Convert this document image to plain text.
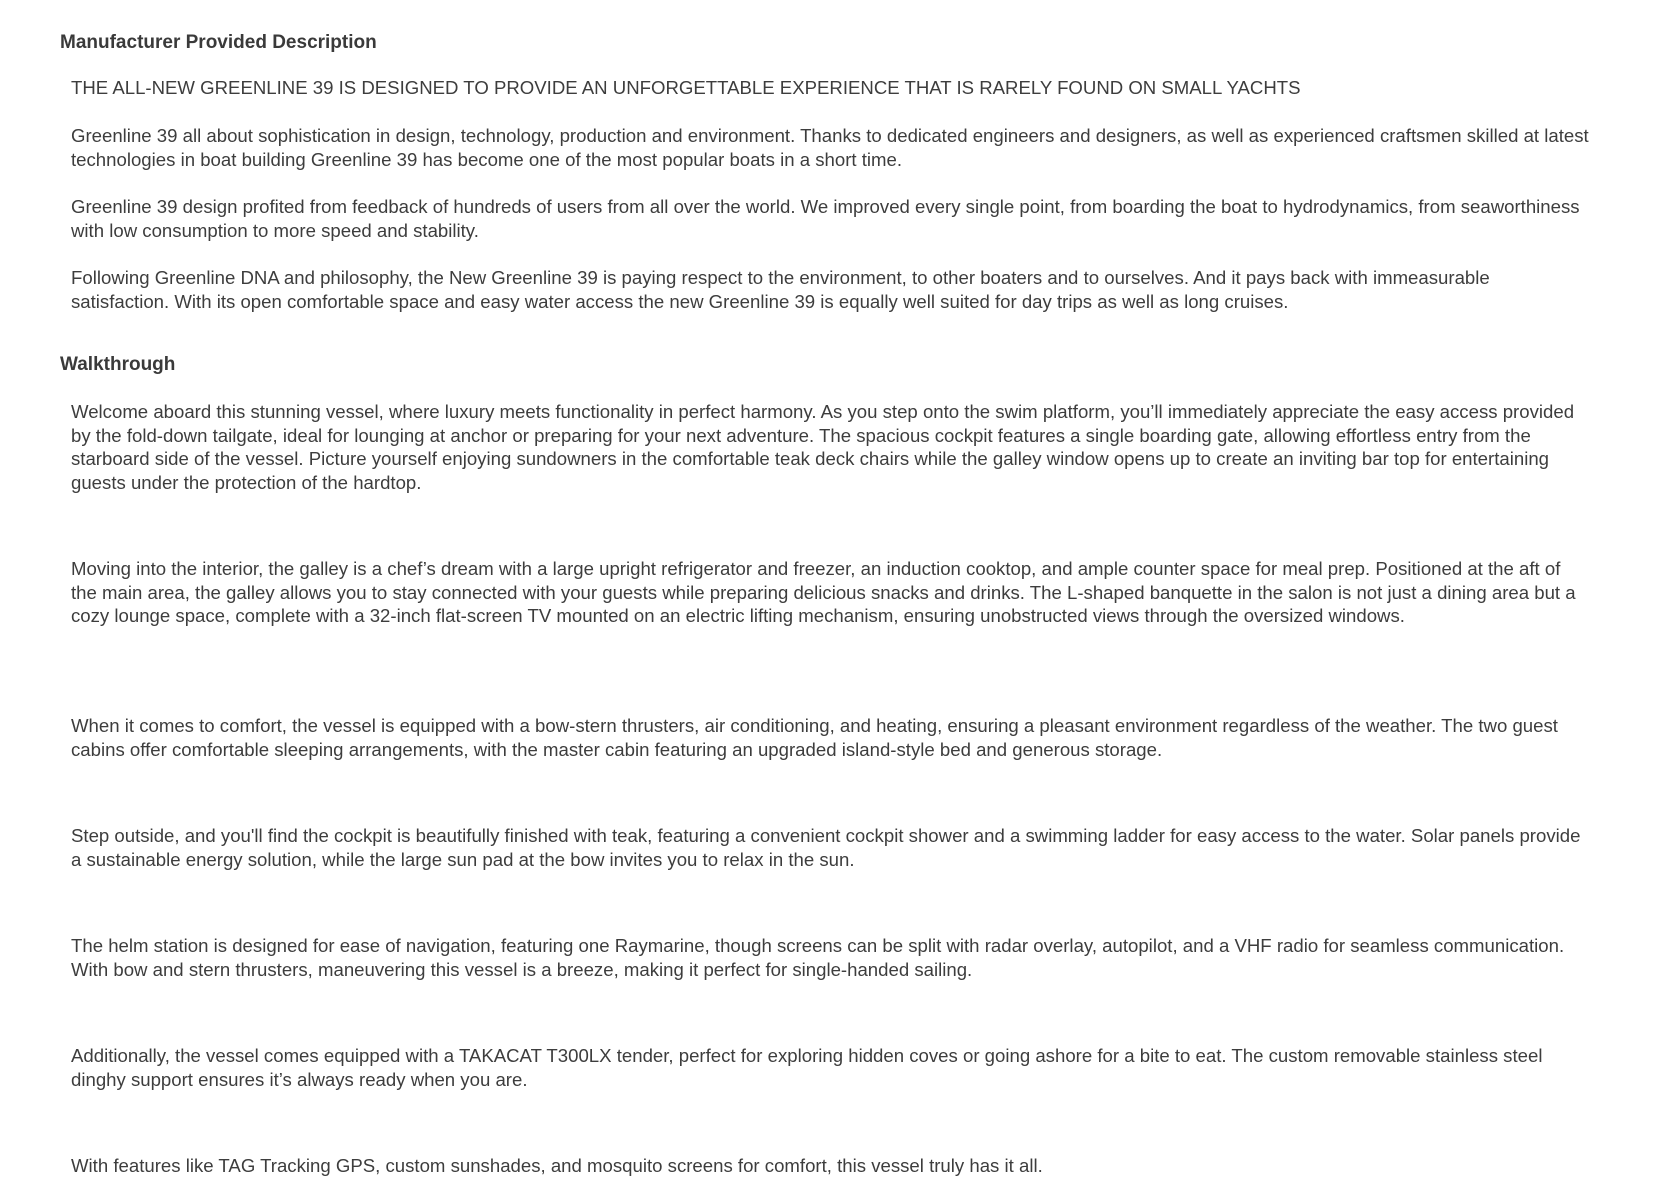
Manufacturer Provided Description

THE ALL-NEW GREENLINE 39 IS DESIGNED TO PROVIDE AN UNFORGETTABLE EXPERIENCE THAT IS RARELY FOUND ON SMALL YACHTS

Greenline 39 all about sophistication in design, technology, production and environment. Thanks to dedicated engineers and designers, as well as experienced craftsmen skilled at latest technologies in boat building Greenline 39 has become one of the most popular boats in a short time.

Greenline 39 design profited from feedback of hundreds of users from all over the world. We improved every single point, from boarding the boat to hydrodynamics, from seaworthiness with low consumption to more speed and stability.

Following Greenline DNA and philosophy, the New Greenline 39 is paying respect to the environment, to other boaters and to ourselves. And it pays back with immeasurable satisfaction. With its open comfortable space and easy water access the new Greenline 39 is equally well suited for day trips as well as long cruises.

Walkthrough

Welcome aboard this stunning vessel, where luxury meets functionality in perfect harmony. As you step onto the swim platform, you’ll immediately appreciate the easy access provided by the fold-down tailgate, ideal for lounging at anchor or preparing for your next adventure. The spacious cockpit features a single boarding gate, allowing effortless entry from the starboard side of the vessel. Picture yourself enjoying sundowners in the comfortable teak deck chairs while the galley window opens up to create an inviting bar top for entertaining guests under the protection of the hardtop.

Moving into the interior, the galley is a chef’s dream with a large upright refrigerator and freezer, an induction cooktop, and ample counter space for meal prep. Positioned at the aft of the main area, the galley allows you to stay connected with your guests while preparing delicious snacks and drinks. The L-shaped banquette in the salon is not just a dining area but a cozy lounge space, complete with a 32-inch flat-screen TV mounted on an electric lifting mechanism, ensuring unobstructed views through the oversized windows.

When it comes to comfort, the vessel is equipped with a bow-stern thrusters, air conditioning, and heating, ensuring a pleasant environment regardless of the weather. The two guest cabins offer comfortable sleeping arrangements, with the master cabin featuring an upgraded island-style bed and generous storage.

Step outside, and you'll find the cockpit is beautifully finished with teak, featuring a convenient cockpit shower and a swimming ladder for easy access to the water. Solar panels provide a sustainable energy solution, while the large sun pad at the bow invites you to relax in the sun.

The helm station is designed for ease of navigation, featuring one Raymarine, though screens can be split with radar overlay, autopilot, and a VHF radio for seamless communication. With bow and stern thrusters, maneuvering this vessel is a breeze, making it perfect for single-handed sailing.

Additionally, the vessel comes equipped with a TAKACAT T300LX tender, perfect for exploring hidden coves or going ashore for a bite to eat. The custom removable stainless steel dinghy support ensures it’s always ready when you are.

With features like TAG Tracking GPS, custom sunshades, and mosquito screens for comfort, this vessel truly has it all.
